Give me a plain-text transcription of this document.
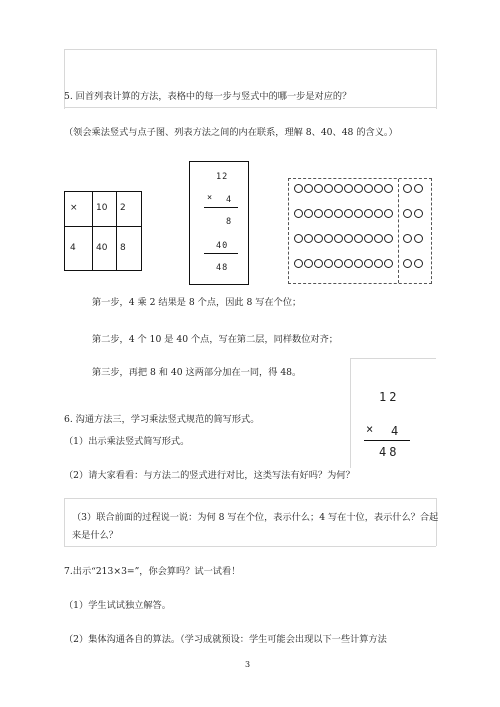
5. 回首列表计算的方法，表格中的每一步与竖式中的哪一步是对应的？
（领会乘法竖式与点子图、列表方法之间的内在联系，理解 8、40、48 的含义。）
× 10 2
4 40 8
12
× 4
8
40
48
第一步，4 乘 2 结果是 8 个点，因此 8 写在个位；
第二步，4 个 10 是 40 个点，写在第二层，同样数位对齐；
第三步，再把 8 和 40 这两部分加在一同，得 48。
12
× 4
48
6. 沟通方法三，学习乘法竖式规范的简写形式。
（1）出示乘法竖式简写形式。
（2）请大家看看：与方法二的竖式进行对比，这类写法有好吗？为何？
（3）联合前面的过程说一说：为何 8 写在个位，表示什么；4 写在十位，表示什么？合起
来是什么？
7.出示“213×3=”，你会算吗？试一试看！
（1）学生试试独立解答。
（2）集体沟通各自的算法。（学习成就预设：学生可能会出现以下一些计算方法
3
